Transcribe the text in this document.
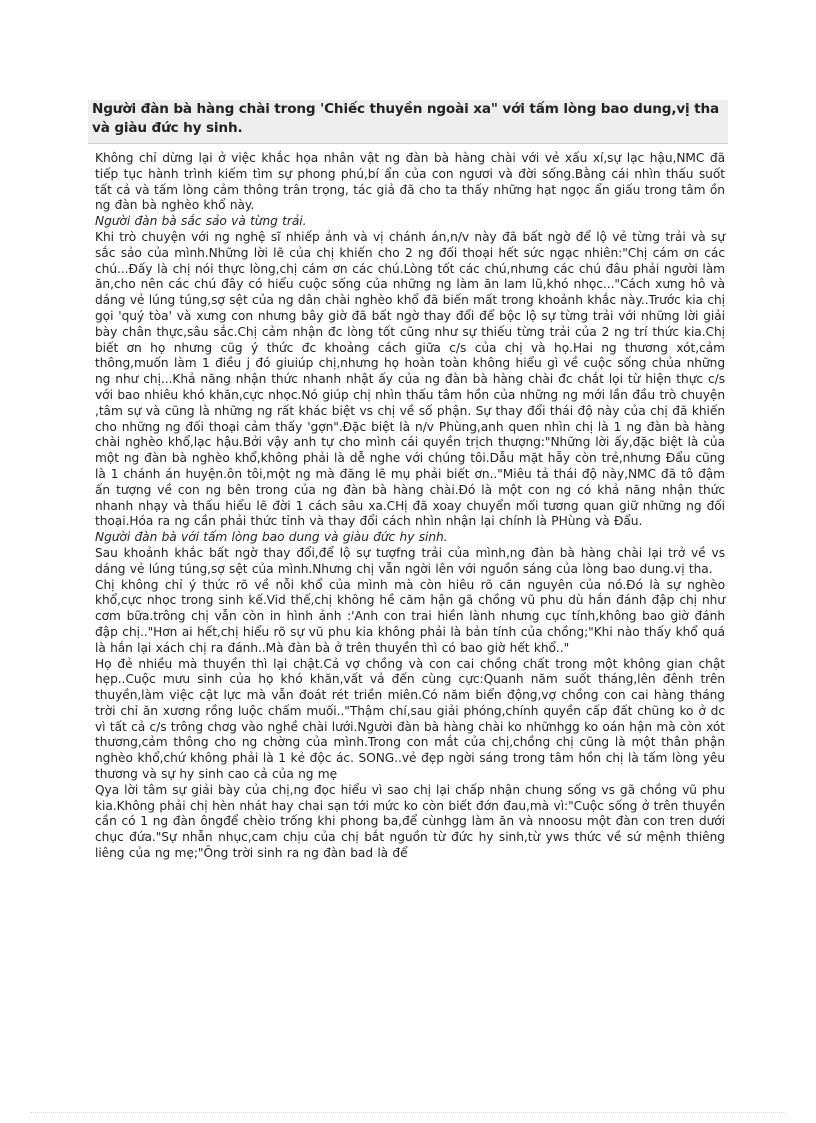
Người đàn bà hàng chài trong 'Chiếc thuyền ngoài xa" với tấm lòng bao dung,vị tha và giàu đức hy sinh.

Không chỉ dừng lại ở việc khắc họa nhân vật ng đàn bà hàng chài với vẻ xấu xí,sự lạc hậu,NMC đã tiếp tục hành trình kiếm tìm sự phong phú,bí ẩn của con ngươi và đời sống.Bằng cái nhìn thấu suốt tất cả và tấm lòng cảm thông trân trọng, tác giả đã cho ta thấy những hạt ngọc ẩn giấu trong tâm ồn ng đàn bà nghèo khổ này.

Người đàn bà sắc sảo và từng trải.

Khi trò chuyện với ng nghệ sĩ nhiếp ảnh và vị chánh án,n/v này đã bất ngờ để lộ vẻ từng trải và sự sắc sảo của mình.Những lời lẽ của chị khiến cho 2 ng đối thoại hết sức ngạc nhiên:"Chị cám ơn các chú...Đấy là chị nói thực lòng,chị cám ơn các chú.Lòng tốt các chú,nhưng các chú đâu phải người làm ăn,cho nên các chú đây có hiểu cuộc sống của những ng làm ăn lam lũ,khó nhọc..."Cách xưng hô và dáng vẻ lúng túng,sợ sệt của ng dân chài nghèo khổ đã biến mất trong khoảnh khắc này..Trước kia chị gọi 'quý tòa' và xưng con nhưng bây giờ đã bất ngờ thay đổi để bộc lộ sự từng trải với những lời giải bày chân thực,sâu sắc.Chị cảm nhận đc lòng tốt cũng như sự thiếu từng trải của 2 ng trí thức kia.Chị biết ơn họ nhưng cũg ý thức đc khoảng cách giữa c/s của chị và họ.Hai ng thương xót,cảm thông,muốn làm 1 điều j đó giuiúp chị,nhưng họ hoàn toàn không hiểu gì về cuộc sống chủa những ng như chị...Khả năng nhận thức nhanh nhật ấy của ng đàn bà hàng chài đc chắt lọi từ hiện thực c/s với bao nhiêu khó khăn,cực nhọc.Nó giúp chị nhìn thấu tâm hồn của những ng mới lần đầu trò chuyện ,tâm sự và cũng là những ng rất khác biệt vs chị về số phận. Sự thay đổi thái độ này của chị đã khiến cho những ng đối thoại cảm thấy 'gợn".Đặc biệt là n/v Phùng,anh quen nhìn chị là 1 ng đàn bà hàng chài nghèo khổ,lạc hậu.Bởi vậy anh tự cho mình cái quyền trịch thượng:"Những lời ấy,đặc biệt là của một ng đàn bà nghèo khổ,không phải là dễ nghe với chúng tôi.Dẫu mặt hẵy còn trẻ,nhưng Đẩu cũng là 1 chánh án huyện.ôn tôi,một ng mà đăng lẽ mụ phải biết ơn.."Miêu tả thái độ này,NMC đã tô đậm ấn tượng về con ng bên trong của ng đàn bà hàng chài.Đó là một con ng có khả năng nhận thức nhanh nhạy và thấu hiểu lẽ đời 1 cách sâu xa.CHị đã xoay chuyển mối tương quan giữ những ng đối thoại.Hóa ra ng cần phải thức tỉnh và thay đổi cách nhìn nhận lại chính là PHùng và Đẩu.

Người đàn bà với tấm lòng bao dung và giàu đức hy sinh.

Sau khoảnh khắc bất ngờ thay đổi,để lộ sự tượfng trải của mình,ng đàn bà hàng chài lại trở về vs dáng vẻ lúng túng,sợ sệt của mình.Nhưng chị vẫn ngời lên với nguồn sáng của lòng bao dung.vị tha.

Chị không chỉ ý thức rõ về nỗi khổ của mình mà còn hiêu rõ căn nguyên của nó.Đó là sự nghèo khổ,cực nhọc trong sinh kế.Vid thế,chị không hề căm hận gã chồng vũ phu dù hắn đánh đập chị như cơm bữa.trông chị vẫn còn in hình ảnh :'Anh con trai hiền lành nhưng cục tính,không bao giờ đánh đập chị.."Hơn ai hết,chị hiểu rõ sự vũ phu kia không phải là bản tính của chồng;"Khi nào thấy khổ quá là hắn lại xách chị ra đánh..Mà đàn bà ở trên thuyền thì có bao giờ hết khổ.."

Họ đẻ nhiều mà thuyền thì lại chật.Cả vợ chồng và con cai chồng chất trong một không gian chật hẹp..Cuộc mưu sinh của họ khó khăn,vất vả đến cùng cực:Quanh năm suốt tháng,lên đênh trên thuyền,làm việc cật lực mà vẫn đoát rét triền miên.Có năm biển động,vợ chồng con cai hàng tháng trời chỉ ăn xương rồng luộc chấm muối.."Thậm chí,sau giải phóng,chính quyền cấp đất chũng ko ở dc vì tất cả c/s trông chơg vào nghề chài lưới.Người đàn bà hàng chài ko nhữnhgg ko oán hận mà còn xót thương,cảm thông cho ng chờng của mình.Trong con mắt của chị,chồng chị cũng là một thân phận nghèo khổ,chứ không phải là 1 kẻ độc ác. SONG..vẻ đẹp ngời sáng trong tâm hồn chị là tấm lòng yêu thương và sự hy sinh cao cả của ng mẹ

Qya lời tâm sự giải bày của chị,ng đọc hiểu vì sao chị lại chấp nhận chung sống vs gã chồng vũ phu kia.Không phải chị hèn nhát hay chai sạn tới mức ko còn biết đớn đau,mà vì:"Cuộc sống ở trên thuyền cần có 1 ng đàn ôngđể chèio trống khi phong ba,để cùnhgg làm ăn và nnoosu một đàn con tren dưới chục đứa."Sự nhẫn nhục,cam chịu của chị bắt nguồn từ đức hy sinh,từ yws thức về sứ mệnh thiêng liêng của ng mẹ;"Ông trời sinh ra ng đàn bad là để
